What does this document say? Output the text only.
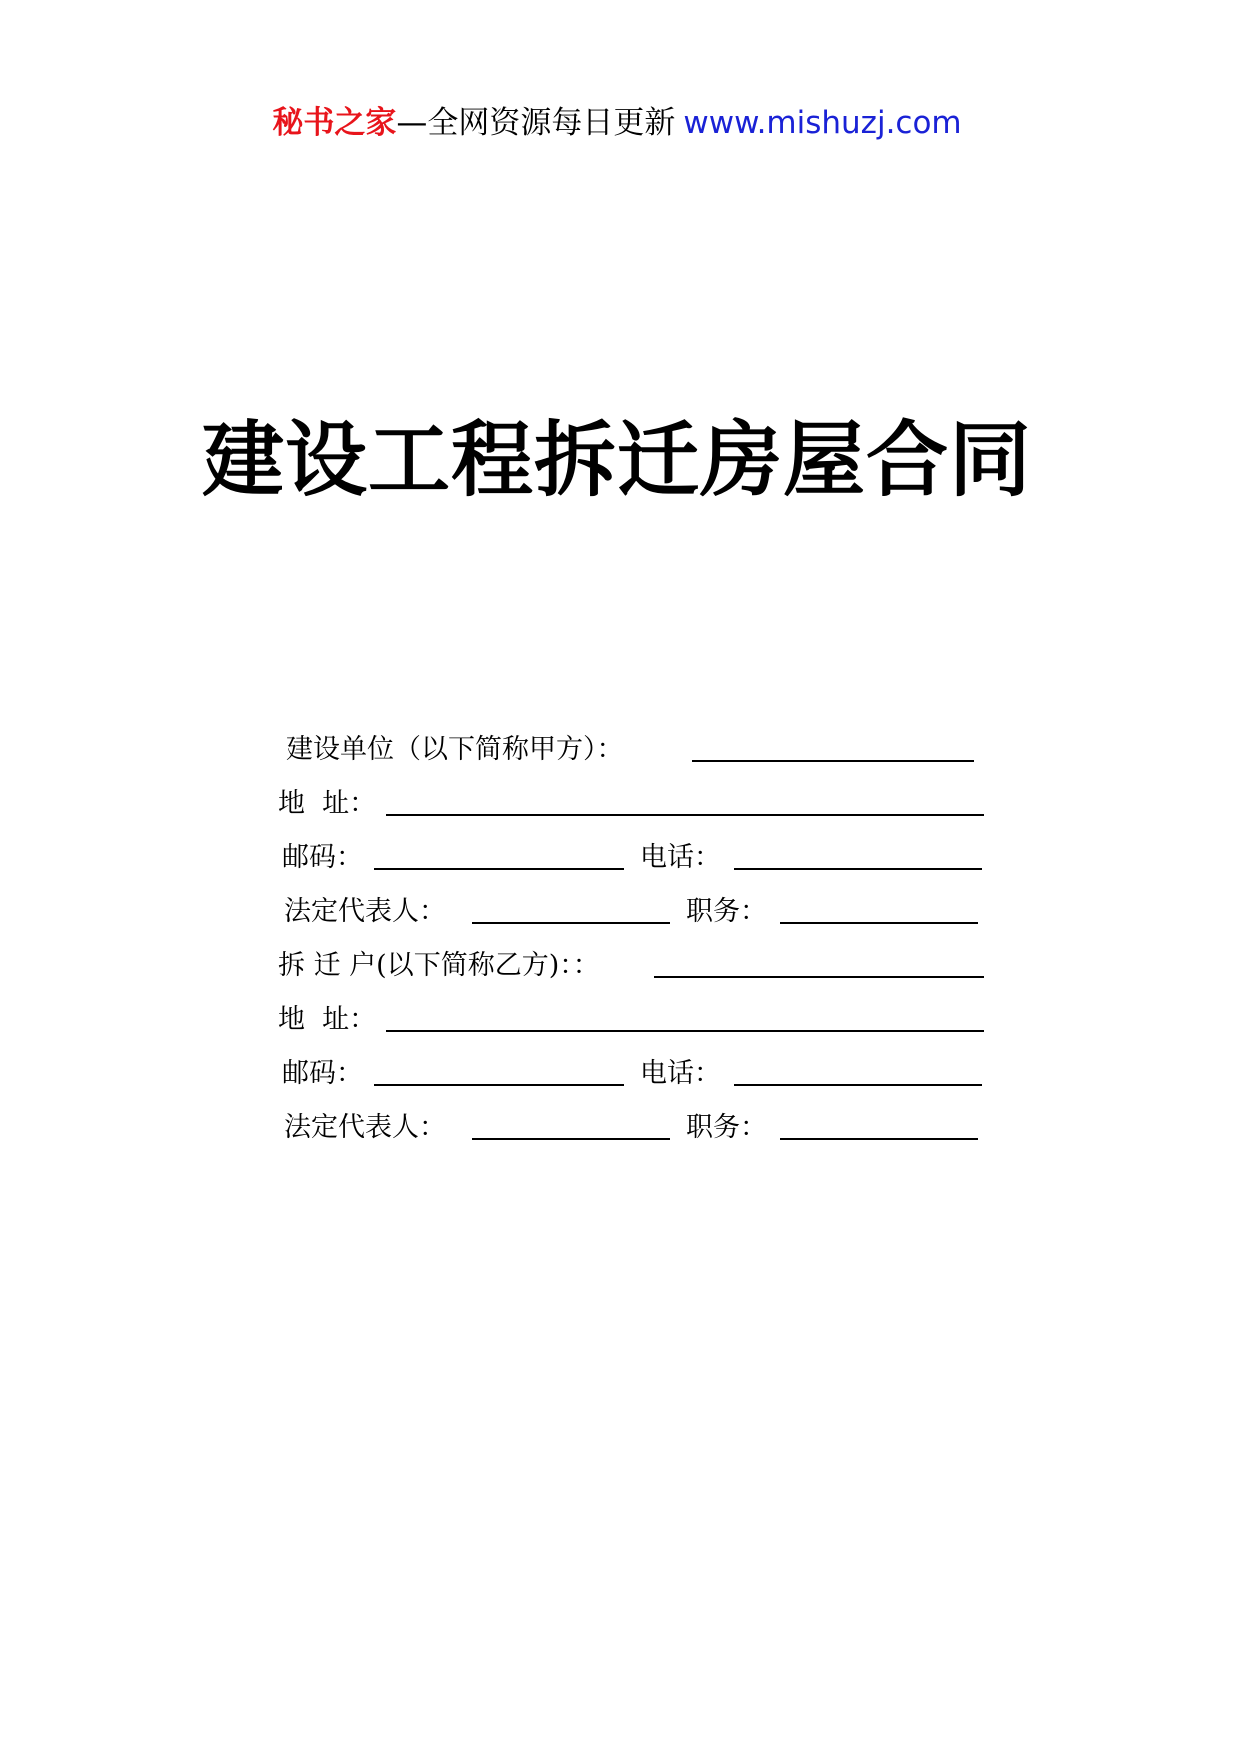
秘书之家—全网资源每日更新 www.mishuzj.com
建设工程拆迁房屋合同
建设单位（以下简称甲方）：
地  址：
邮码：	电话：
法定代表人：	职务：
拆 迁 户(以下简称乙方)：：
地  址：
邮码：	电话：
法定代表人：	职务：
